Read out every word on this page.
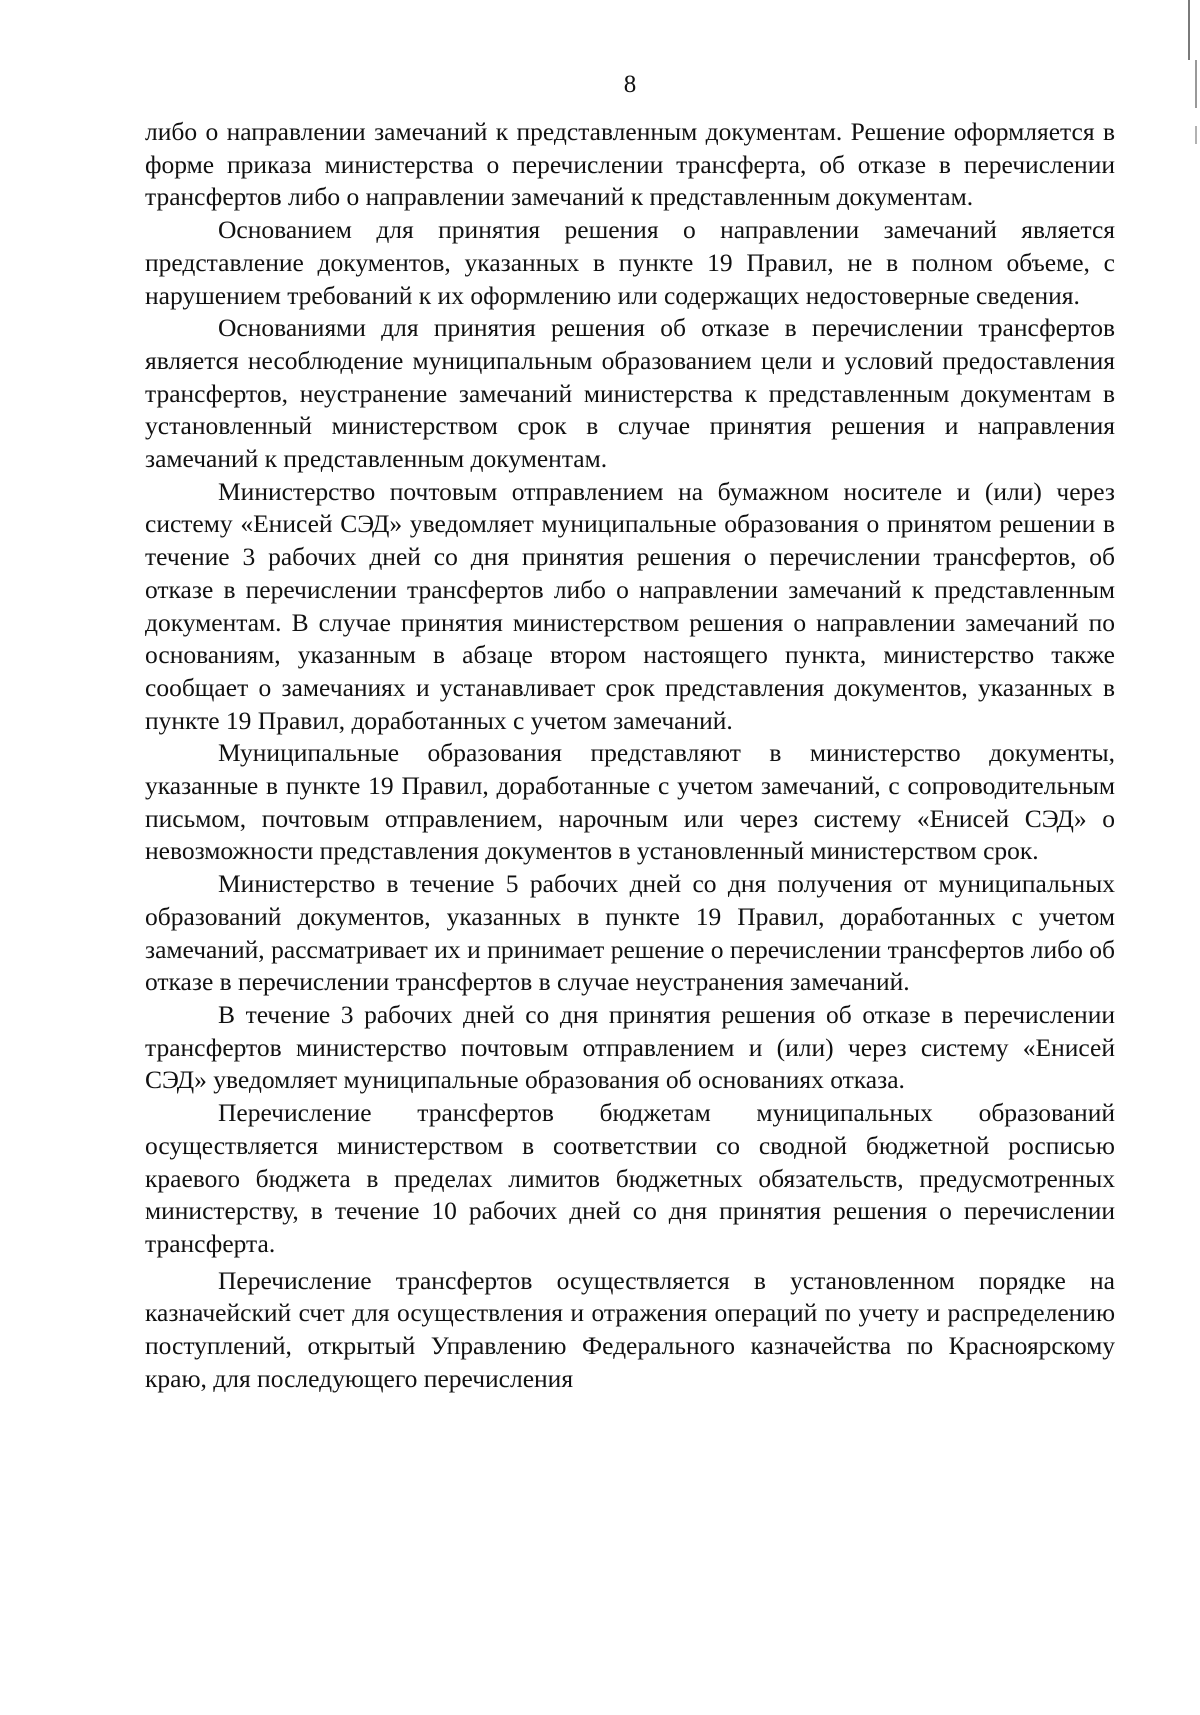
8

либо о направлении замечаний к представленным документам. Решение оформляется в форме приказа министерства о перечислении трансферта, об отказе в перечислении трансфертов либо о направлении замечаний к представленным документам.

Основанием для принятия решения о направлении замечаний является представление документов, указанных в пункте 19 Правил, не в полном объеме, с нарушением требований к их оформлению или содержащих недостоверные сведения.

Основаниями для принятия решения об отказе в перечислении трансфертов является несоблюдение муниципальным образованием цели и условий предоставления трансфертов, неустранение замечаний министерства к представленным документам в установленный министерством срок в случае принятия решения и направления замечаний к представленным документам.

Министерство почтовым отправлением на бумажном носителе и (или) через систему «Енисей СЭД» уведомляет муниципальные образования о принятом решении в течение 3 рабочих дней со дня принятия решения о перечислении трансфертов, об отказе в перечислении трансфертов либо о направлении замечаний к представленным документам. В случае принятия министерством решения о направлении замечаний по основаниям, указанным в абзаце втором настоящего пункта, министерство также сообщает о замечаниях и устанавливает срок представления документов, указанных в пункте 19 Правил, доработанных с учетом замечаний.

Муниципальные образования представляют в министерство документы, указанные в пункте 19 Правил, доработанные с учетом замечаний, с сопроводительным письмом, почтовым отправлением, нарочным или через систему «Енисей СЭД» о невозможности представления документов в установленный министерством срок.

Министерство в течение 5 рабочих дней со дня получения от муниципальных образований документов, указанных в пункте 19 Правил, доработанных с учетом замечаний, рассматривает их и принимает решение о перечислении трансфертов либо об отказе в перечислении трансфертов в случае неустранения замечаний.

В течение 3 рабочих дней со дня принятия решения об отказе в перечислении трансфертов министерство почтовым отправлением и (или) через систему «Енисей СЭД» уведомляет муниципальные образования об основаниях отказа.

Перечисление трансфертов бюджетам муниципальных образований осуществляется министерством в соответствии со сводной бюджетной росписью краевого бюджета в пределах лимитов бюджетных обязательств, предусмотренных министерству, в течение 10 рабочих дней со дня принятия решения о перечислении трансферта.

Перечисление трансфертов осуществляется в установленном порядке на казначейский счет для осуществления и отражения операций по учету и распределению поступлений, открытый Управлению Федерального казначейства по Красноярскому краю, для последующего перечисления
